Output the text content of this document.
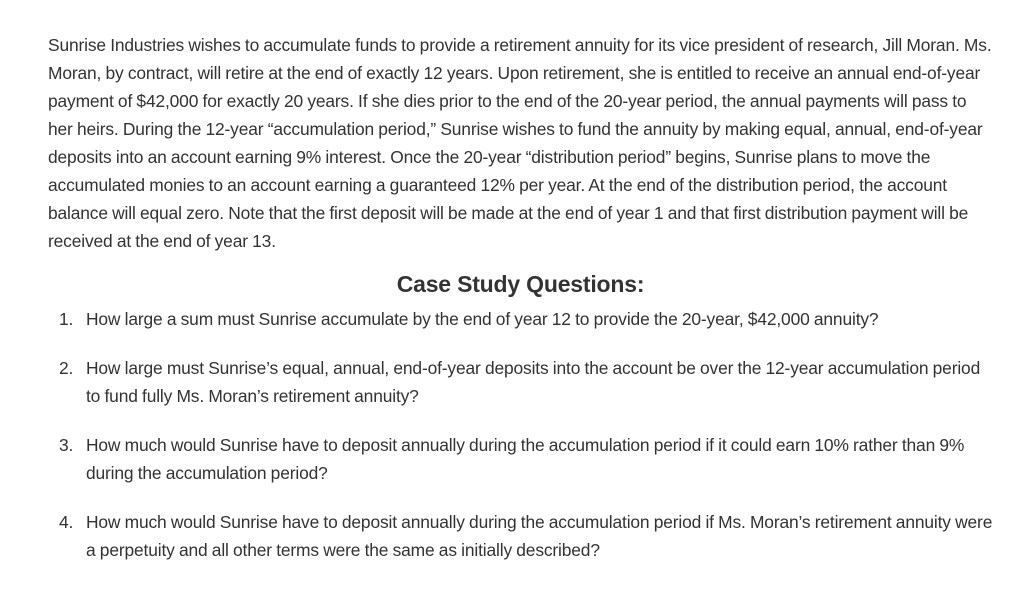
Sunrise Industries wishes to accumulate funds to provide a retirement annuity for its vice president of research, Jill Moran. Ms. Moran, by contract, will retire at the end of exactly 12 years. Upon retirement, she is entitled to receive an annual end-of-year payment of $42,000 for exactly 20 years. If she dies prior to the end of the 20-year period, the annual payments will pass to her heirs. During the 12-year “accumulation period,” Sunrise wishes to fund the annuity by making equal, annual, end-of-year deposits into an account earning 9% interest. Once the 20-year “distribution period” begins, Sunrise plans to move the accumulated monies to an account earning a guaranteed 12% per year. At the end of the distribution period, the account balance will equal zero. Note that the first deposit will be made at the end of year 1 and that first distribution payment will be received at the end of year 13.

Case Study Questions:
1. How large a sum must Sunrise accumulate by the end of year 12 to provide the 20-year, $42,000 annuity?
2. How large must Sunrise’s equal, annual, end-of-year deposits into the account be over the 12-year accumulation period to fund fully Ms. Moran’s retirement annuity?
3. How much would Sunrise have to deposit annually during the accumulation period if it could earn 10% rather than 9% during the accumulation period?
4. How much would Sunrise have to deposit annually during the accumulation period if Ms. Moran’s retirement annuity were a perpetuity and all other terms were the same as initially described?
